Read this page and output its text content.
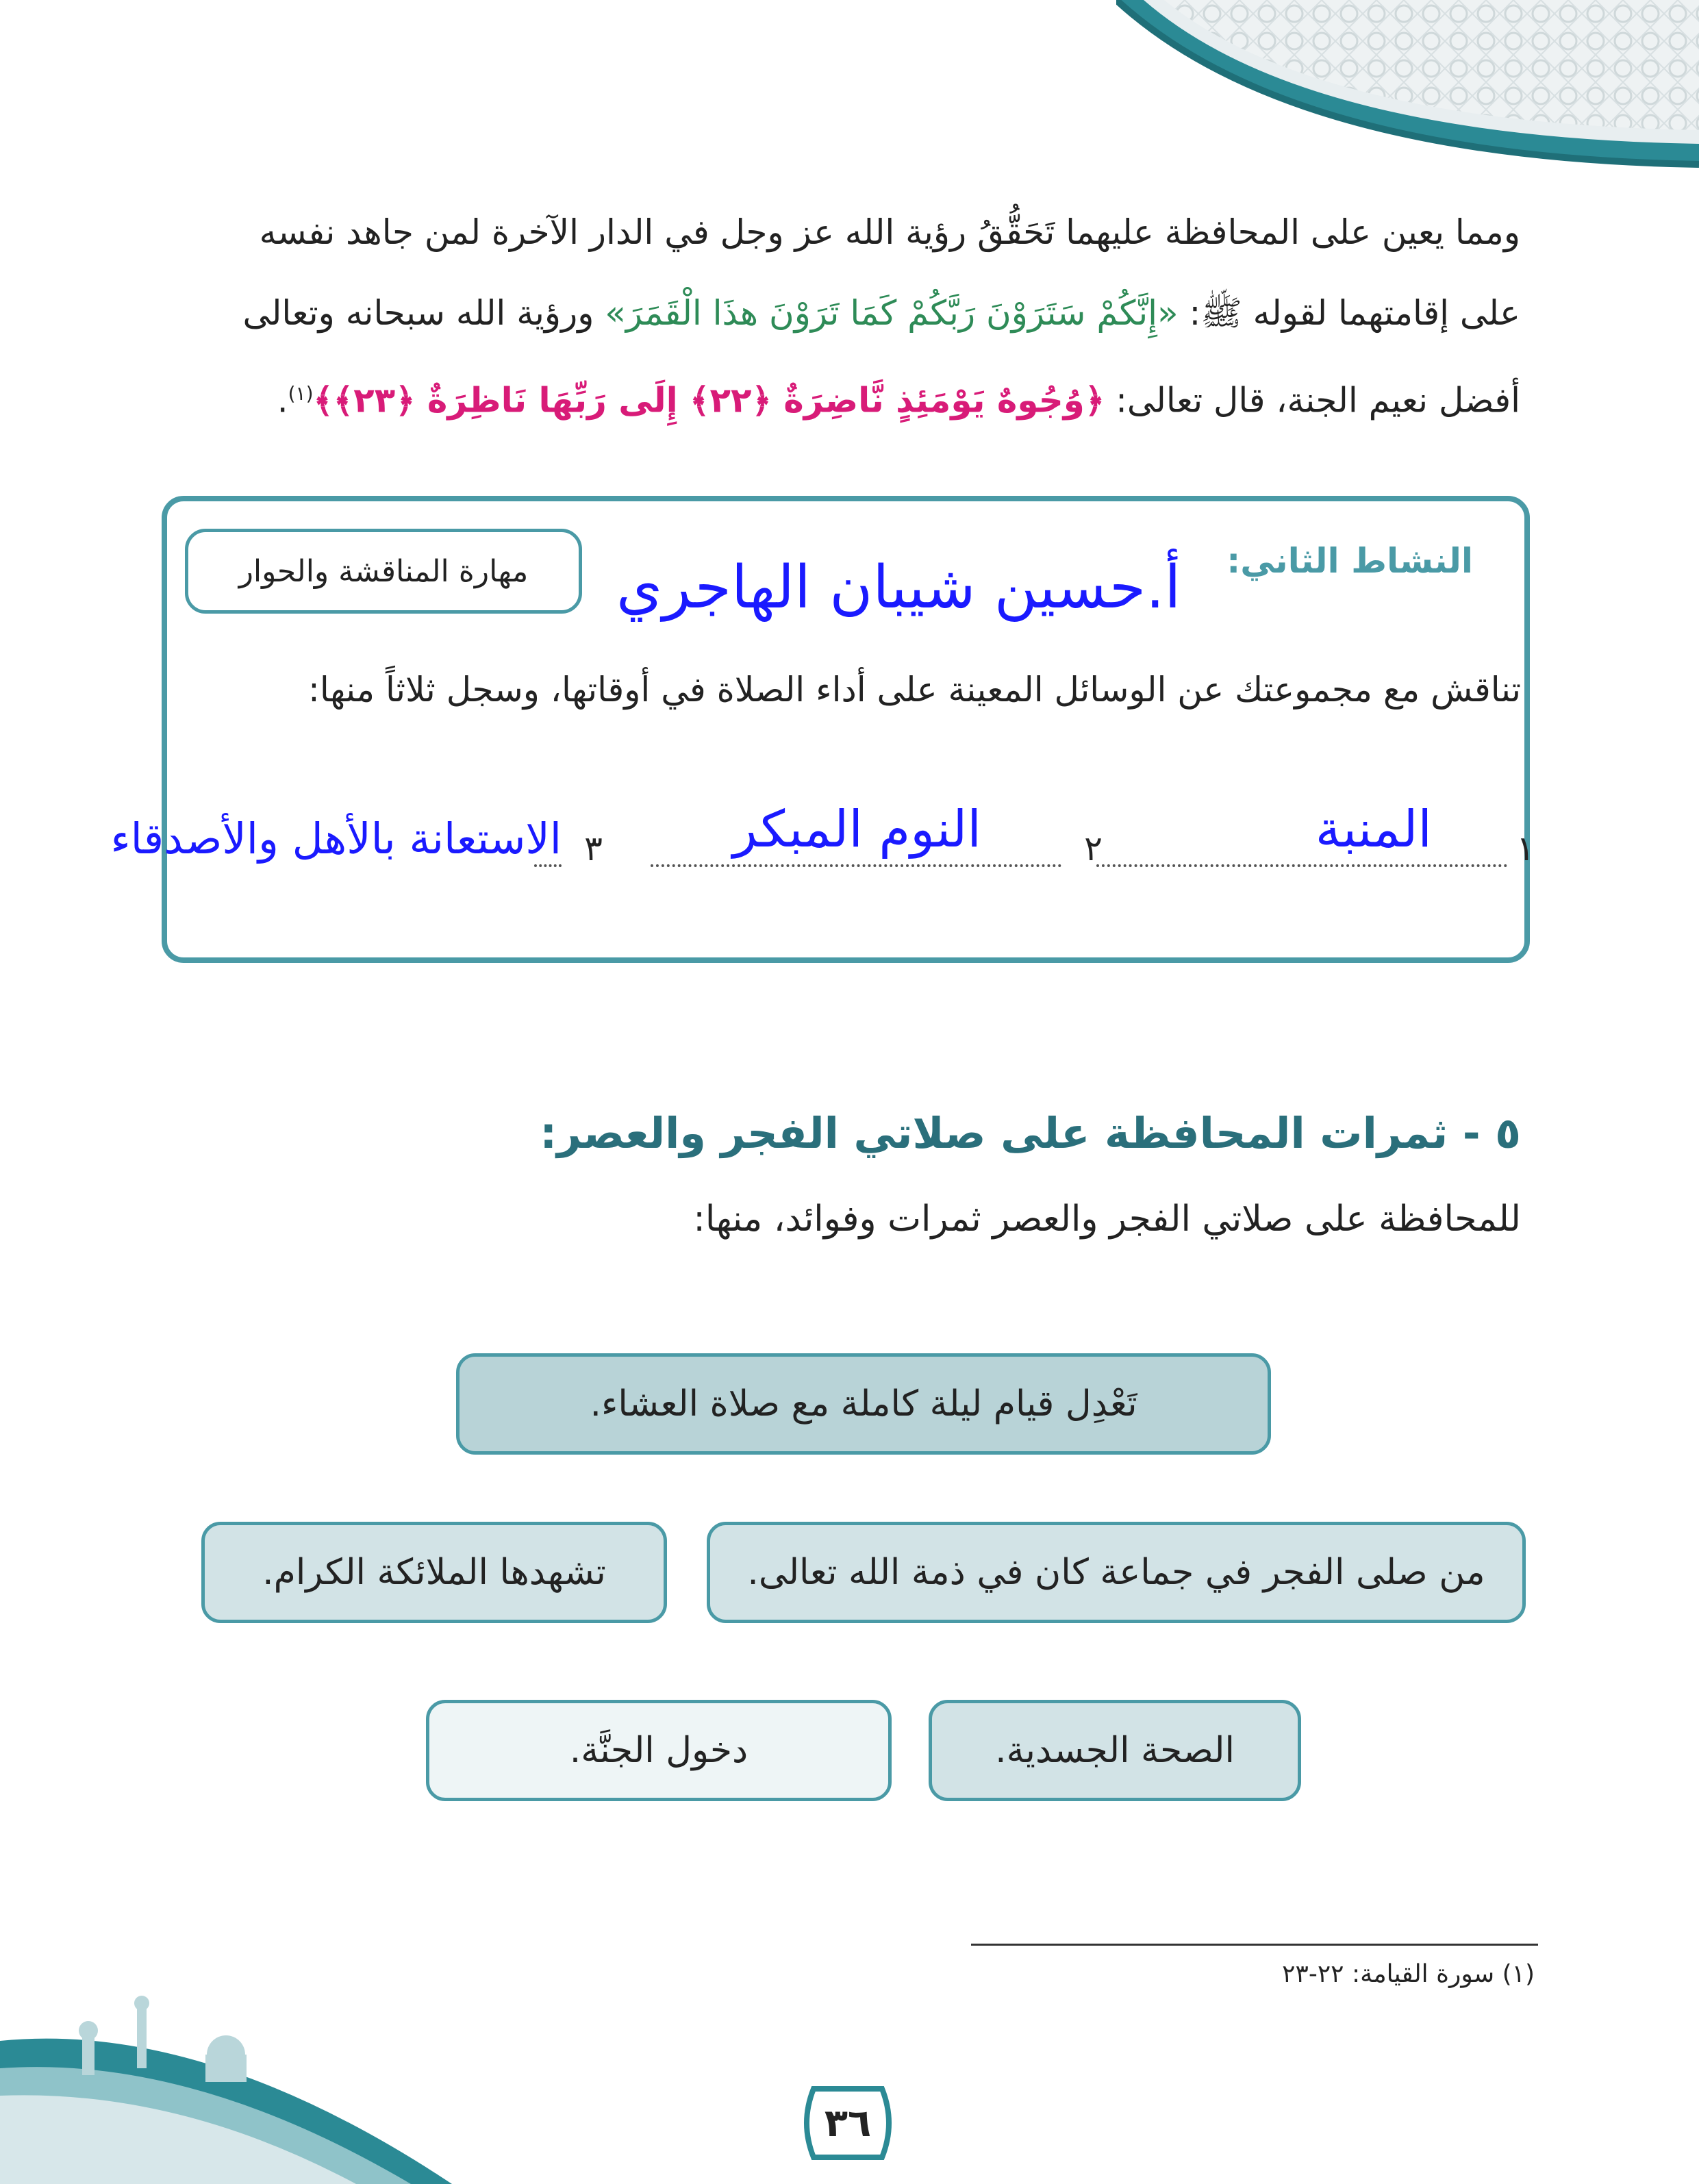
ومما يعين على المحافظة عليهما تَحَقُّقُ رؤية الله عز وجل في الدار الآخرة لمن جاهد نفسه
على إقامتهما لقوله ﷺ: «إِنَّكُمْ سَتَرَوْنَ رَبَّكُمْ كَمَا تَرَوْنَ هذَا الْقَمَرَ» ورؤية الله سبحانه وتعالى
أفضل نعيم الجنة، قال تعالى: ﴿وُجُوهٌ يَوْمَئِذٍ نَّاضِرَةٌ ﴿٢٢﴾ إِلَى رَبِّهَا نَاظِرَةٌ ﴿٢٣﴾﴾$^{(١)}$.
النشاط الثاني:
مهارة المناقشة والحوار	أ.حسين شيبان الهاجري
تناقش مع مجموعتك عن الوسائل المعينة على أداء الصلاة في أوقاتها، وسجل ثلاثاً منها:
١
المنبة
٢
النوم المبكر
٣
الاستعانة بالأهل والأصدقاء
٥ - ثمرات المحافظة على صلاتي الفجر والعصر:
للمحافظة على صلاتي الفجر والعصر ثمرات وفوائد، منها:
تَعْدِل قيام ليلة كاملة مع صلاة العشاء.
من صلى الفجر في جماعة كان في ذمة الله تعالى.
تشهدها الملائكة الكرام.
الصحة الجسدية.
دخول الجنَّة.
(١) سورة القيامة: ٢٢-٢٣
٣٦
